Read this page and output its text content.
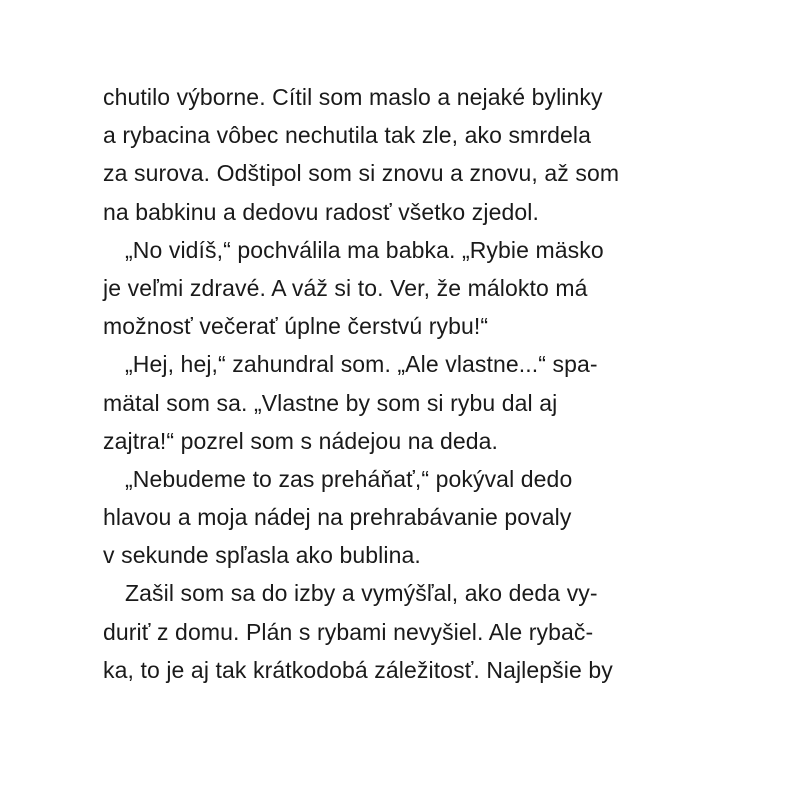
chutilo výborne. Cítil som maslo a nejaké bylinky
a rybacina vôbec nechutila tak zle, ako smrdela
za surova. Odštipol som si znovu a znovu, až som
na babkinu a dedovu radosť všetko zjedol.
„No vidíš,“ pochválila ma babka. „Rybie mäsko
je veľmi zdravé. A váž si to. Ver, že málokto má
možnosť večerať úplne čerstvú rybu!“
„Hej, hej,“ zahundral som. „Ale vlastne...“ spa-
mätal som sa. „Vlastne by som si rybu dal aj
zajtra!“ pozrel som s nádejou na deda.
„Nebudeme to zas preháňať,“ pokýval dedo
hlavou a moja nádej na prehrabávanie povaly
v sekunde spľasla ako bublina.
Zašil som sa do izby a vymýšľal, ako deda vy-
duriť z domu. Plán s rybami nevyšiel. Ale rybač-
ka, to je aj tak krátkodobá záležitosť. Najlepšie by
